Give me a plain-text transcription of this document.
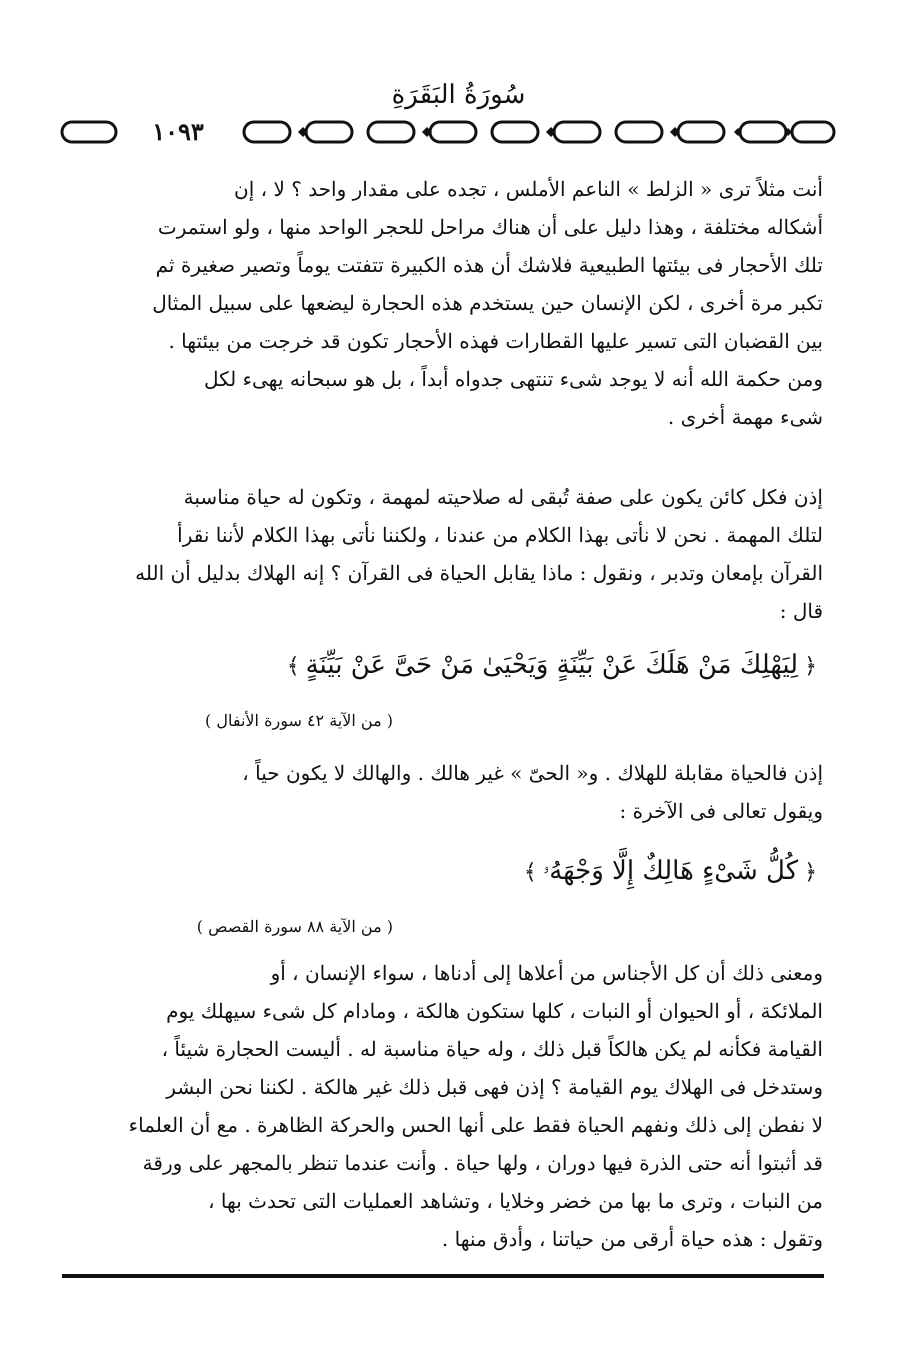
سُورَةُ البَقَرَةِ
١٠٩٣
أنت مثلاً ترى « الزلط » الناعم الأملس ، تجده على مقدار واحد ؟ لا ، إن
أشكاله مختلفة ، وهذا دليل على أن هناك مراحل للحجر الواحد منها ، ولو استمرت
تلك الأحجار فى بيئتها الطبيعية فلاشك أن هذه الكبيرة تتفتت يوماً وتصير صغيرة ثم
تكبر مرة أخرى ، لكن الإنسان حين يستخدم هذه الحجارة ليضعها على سبيل المثال
بين القضبان التى تسير عليها القطارات فهذه الأحجار تكون قد خرجت من بيئتها .
ومن حكمة الله أنه لا يوجد شىء تنتهى جدواه أبداً ، بل هو سبحانه يهىء لكل
شىء مهمة أخرى .
إذن فكل كائن يكون على صفة تُبقى له صلاحيته لمهمة ، وتكون له حياة مناسبة
لتلك المهمة . نحن لا نأتى بهذا الكلام من عندنا ، ولكننا نأتى بهذا الكلام لأننا نقرأ
القرآن بإمعان وتدبر ، ونقول : ماذا يقابل الحياة فى القرآن ؟ إنه الهلاك بدليل أن الله
قال :
﴿لِيَهْلِكَ مَنْ هَلَكَ عَنْ بَيِّنَةٍ وَيَحْيَىٰ مَنْ حَىَّ عَنْ بَيِّنَةٍ﴾
( من الآية ٤٢ سورة الأنفال )
إذن فالحياة مقابلة للهلاك . و« الحىّ » غير هالك . والهالك لا يكون حياً ،
ويقول تعالى فى الآخرة :
﴿كُلُّ شَىْءٍ هَالِكٌ إِلَّا وَجْهَهُۥ﴾
( من الآية ٨٨ سورة القصص )
ومعنى ذلك أن كل الأجناس من أعلاها إلى أدناها ، سواء الإنسان ، أو
الملائكة ، أو الحيوان أو النبات ، كلها ستكون هالكة ، ومادام كل شىء سيهلك يوم
القيامة فكأنه لم يكن هالكاً قبل ذلك ، وله حياة مناسبة له . أليست الحجارة شيئاً ،
وستدخل فى الهلاك يوم القيامة ؟ إذن فهى قبل ذلك غير هالكة . لكننا نحن البشر
لا نفطن إلى ذلك ونفهم الحياة فقط على أنها الحس والحركة الظاهرة . مع أن العلماء
قد أثبتوا أنه حتى الذرة فيها دوران ، ولها حياة . وأنت عندما تنظر بالمجهر على ورقة
من النبات ، وترى ما بها من خضر وخلايا ، وتشاهد العمليات التى تحدث بها ،
وتقول : هذه حياة أرقى من حياتنا ، وأدق منها .
